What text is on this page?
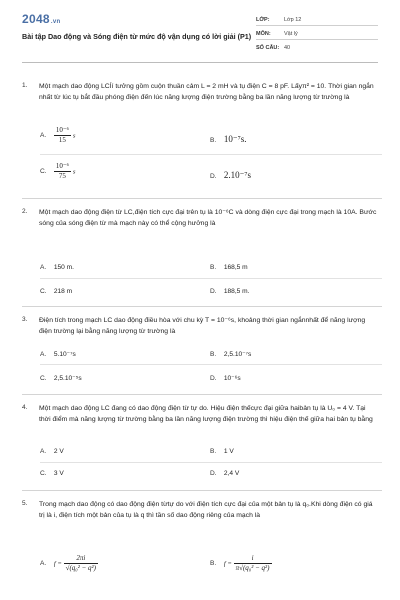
2048.vn
Bài tập Dao động và Sóng điện từ mức độ vận dụng có lời giải (P1)
LỚP:	Lớp 12
MÔN: Vật lý
SỐ CÂU: 40
1. Một mạch dao động LCÍí tưởng gồm cuộn thuần cảm L = 2 mH và tụ điện C = 8 pF. Lấyπ² = 10. Thời gian ngắn nhất từ lúc tụ bắt đầu phóng điện đến lúc năng lượng điện trường bằng ba lần năng lượng từ trường là
A. $\frac{\text{10⁻⁶}}{15}$ s
B. 10⁻⁷s.
C. $\frac{\text{10⁻⁶}}{75}$ s
D. 2.10⁻⁷s
2. Một mạch dao động điện từ LC,điện tích cực đại trên tụ là 10⁻⁶C và dòng điện cực đại trong mạch là 10A. Bước sóng của sóng điện từ mà mạch này có thể cộng hưởng là
A. 150 m.	B. 168,5 m
C. 218 m	D. 188,5 m.
3. Điện tích trong mạch LC dao động điều hòa với chu kỳ T = 10⁻⁶s, khoảng thời gian ngắnnhất để năng lượng điện trường lại bằng năng lượng từ trường là
A. 5.10⁻⁷s	B. 2,5.10⁻⁷s
C. 2,5.10⁻⁵s	D. 10⁻⁶s
4. Một mạch dao động LC đang có dao động điện từ tự do. Hiệu điện thếcực đại giữa haibản tụ là U₀ = 4 V. Tại thời điểm mà năng lượng từ trường bằng ba lần năng lượng điện trường thì hiệu điện thế giữa hai bản tụ bằng
A. 2 V	B. 1 V
C. 3 V	D. 2,4 V
5. Trong mạch dao động có dao động điện từtự do với điện tích cực đại của một bản tụ là q₀.Khi dòng điện có giá trị là i, điện tích một bản của tụ là q thì tần số dao động riêng của mạch là
A. $f = \frac{2\pi i}{\text{√(q₀² − q²)}}$	B. $f = \frac{i}{\text{π√(q₀² − q²)}}$
